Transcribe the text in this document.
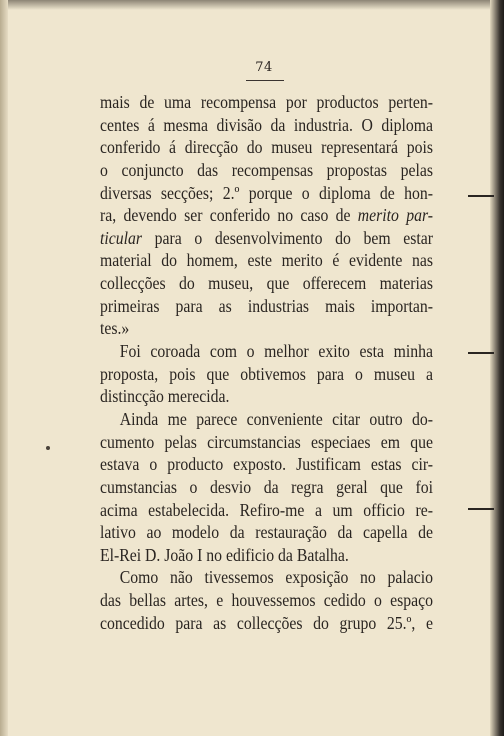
74
mais de uma recompensa por productos perten-
centes á mesma divisão da industria. O diploma
conferido á direcção do museu representará pois
o conjuncto das recompensas propostas pelas
diversas secções; 2.º porque o diploma de hon-
ra, devendo ser conferido no caso de merito par-
ticular para o desenvolvimento do bem estar
material do homem, este merito é evidente nas
collecções do museu, que offerecem materias
primeiras para as industrias mais importan-
tes.»
Foi coroada com o melhor exito esta minha
proposta, pois que obtivemos para o museu a
distincção merecida.
Ainda me parece conveniente citar outro do-
cumento pelas circumstancias especiaes em que
estava o producto exposto. Justificam estas cir-
cumstancias o desvio da regra geral que foi
acima estabelecida. Refiro-me a um officio re-
lativo ao modelo da restauração da capella de
El-Rei D. João I no edificio da Batalha.
Como não tivessemos exposição no palacio
das bellas artes, e houvessemos cedido o espaço
concedido para as collecções do grupo 25.º, e
